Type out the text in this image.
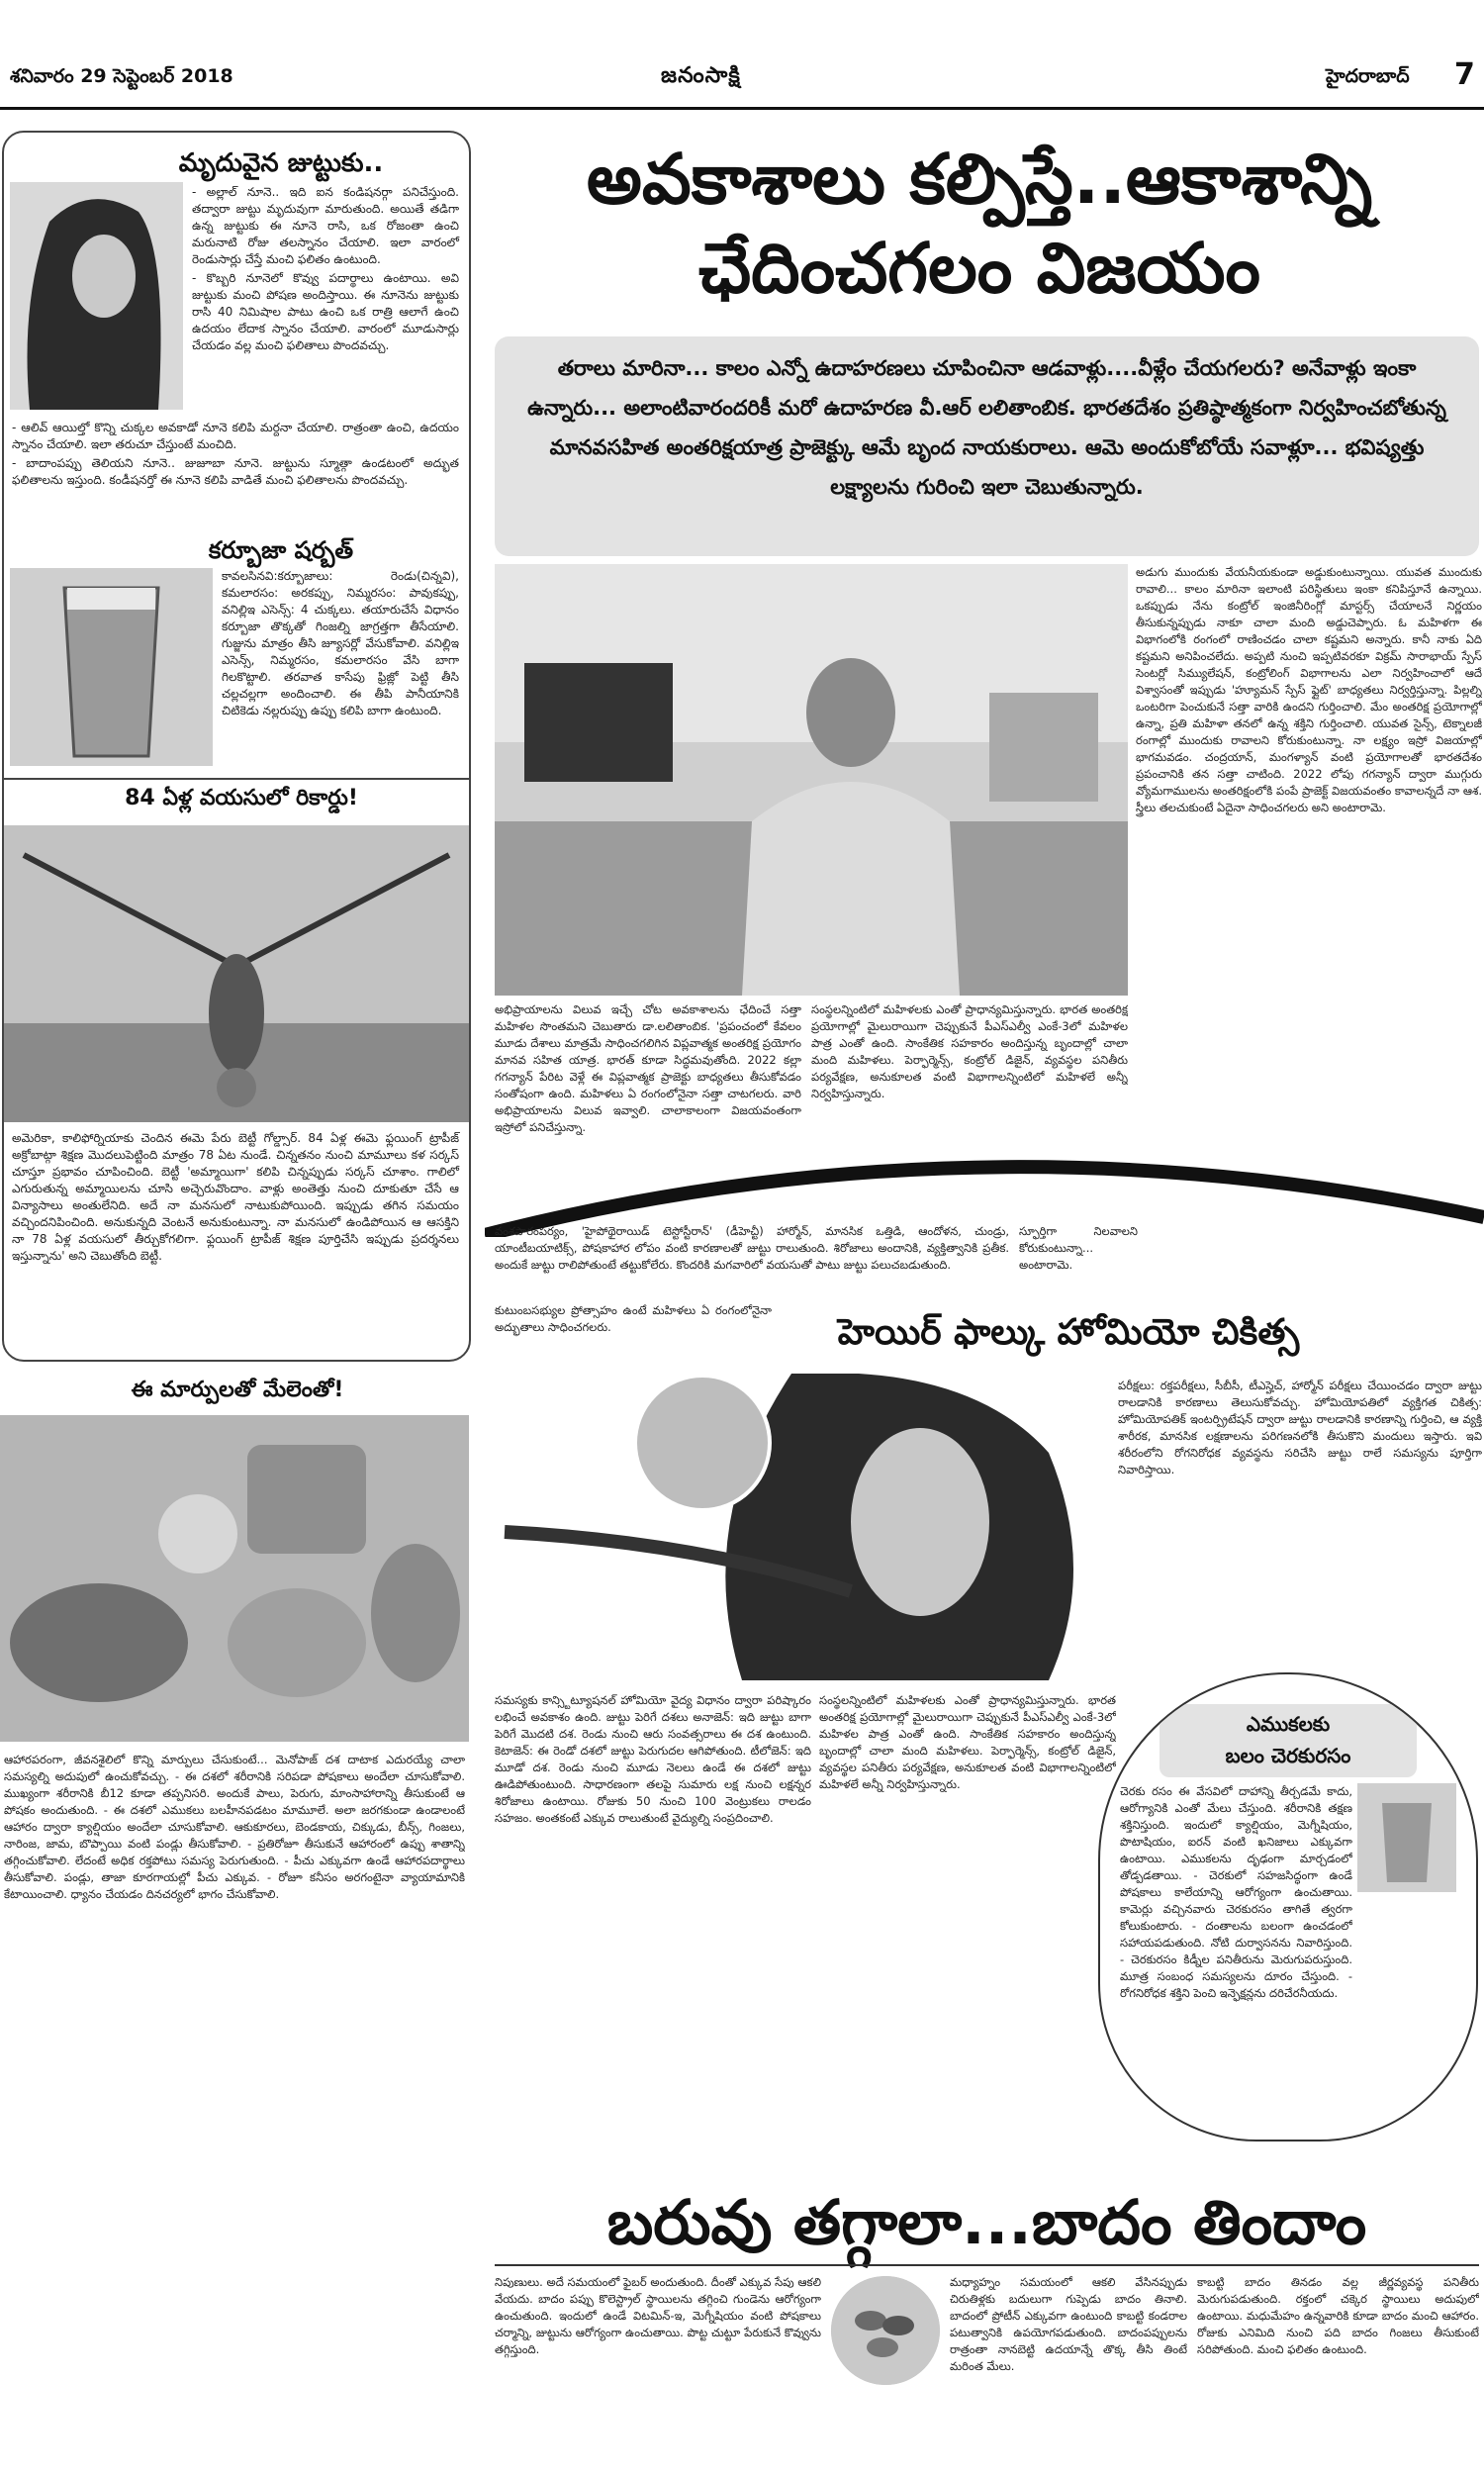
శనివారం 29 సెప్టెంబర్ 2018	జనంసాక్షి	హైదరాబాద్ 7
మృదువైన జుట్టుకు..

- అల్లాల్ నూనె.. ఇది ఐన కండిషనర్గా పనిచేస్తుంది. తద్వారా జుట్టు మృదువుగా మారుతుంది. అయితే తడిగా ఉన్న జుట్టుకు ఈ నూనె రాసి, ఒక రోజంతా ఉంచి మరునాటి రోజు తలస్నానం చేయాలి. ఇలా వారంలో రెండుసార్లు చేస్తే మంచి ఫలితం ఉంటుంది.

- కొబ్బరి నూనెలో కొవ్వు పదార్థాలు ఉంటాయి. అవి జుట్టుకు మంచి పోషణ అందిస్తాయి. ఈ నూనెను జుట్టుకు రాసి 40 నిమిషాల పాటు ఉంచి ఒక రాత్రి ఆలాగే ఉంచి ఉదయం లేదాక స్నానం చేయాలి. వారంలో మూడుసార్లు చేయడం వల్ల మంచి ఫలితాలు పొందవచ్చు.

- ఆలివ్ ఆయిల్తో కొన్ని చుక్కల అవకాడో నూనె కలిపి మర్దనా చేయాలి. రాత్రంతా ఉంచి, ఉదయం స్నానం చేయాలి. ఇలా తరుచూ చేస్తుంటే మంచిది.

- బాదాంపప్పు తెలియని నూనె.. జుజూబా నూనె. జుట్టును స్మూత్గా ఉండటంలో అద్భుత ఫలితాలను ఇస్తుంది. కండీషనర్తో ఈ నూనె కలిపి వాడితే మంచి ఫలితాలను పొందవచ్చు.

కర్బూజా షర్బత్
కావలసినవి:కర్బూజాలు: రెండు(చిన్నవి), కమలారసం: అరకప్పు, నిమ్మరసం: పావుకప్పు, వనిల్లిఇ ఎసెన్స్: 4 చుక్కలు. తయారుచేసే విధానం కర్బూజా తొక్కతో గింజల్ని జాగ్రత్తగా తీసేయాలి. గుజ్జును మాత్రం తీసి జ్యూసర్లో వేసుకోవాలి. వనిల్లిఇ ఎసెన్స్, నిమ్మరసం, కమలారసం వేసి బాగా గిలకొట్టాలి. తరవాత కాసేపు ఫ్రిజ్లో పెట్టి తీసి చల్లచల్లగా అందించాలి. ఈ తీపి పానీయానికి చిటికెడు నల్లరుప్పు ఉప్పు కలిపి బాగా ఉంటుంది.
84 ఏళ్ల వయసులో రికార్డు!
అమెరికా, కాలిఫోర్నియాకు చెందిన ఈమె పేరు బెట్టీ గోల్డ్సార్. 84 ఏళ్ల ఈమె ఫ్లయింగ్ ట్రాపీజ్ అక్రోబాట్గా శిక్షణ మొదలుపెట్టింది మాత్రం 78 ఏట నుండే. చిన్నతనం నుంచి మామూలు కళ సర్కస్ చూస్తూ ప్రభావం చూపించింది. బెట్టీ 'అమ్మాయిగా' కలిపి చిన్నప్పుడు సర్కస్ చూశాం. గాలిలో ఎగురుతున్న అమ్మాయిలను చూసి అచ్చెరువొందాం. వాళ్లు అంతెత్తు నుంచి దూకుతూ చేసే ఆ విన్యాసాలు అంతులేనిది. అదే నా మనసులో నాటుకుపోయింది. ఇప్పుడు తగిన సమయం వచ్చిందనిపించింది. అనుకున్నది వెంటనే అనుకుంటున్నా. నా మనసులో ఉండిపోయిన ఆ ఆసక్తిని నా 78 ఏళ్ల వయసులో తీర్చుకోగలిగా. ఫ్లయింగ్ ట్రాపీజ్ శిక్షణ పూర్తిచేసి ఇప్పుడు ప్రదర్శనలు ఇస్తున్నాను' అని చెబుతోంది బెట్టీ.
ఈ మార్పులతో మేలెంతో!
ఆహారపరంగా, జీవనశైలిలో కొన్ని మార్పులు చేసుకుంటే... మెనోపాజ్ దశ దాటాక ఎదురయ్యే చాలా సమస్యల్ని అదుపులో ఉంచుకోవచ్చు. - ఈ దశలో శరీరానికి సరిపడా పోషకాలు అందేలా చూసుకోవాలి. ముఖ్యంగా శరీరానికి బీ12 కూడా తప్పనిసరి. అందుకే పాలు, పెరుగు, మాంసాహారాన్ని తీసుకుంటే ఆ పోషకం అందుతుంది. - ఈ దశలో ఎముకలు బలహీనపడటం మామూలే. అలా జరగకుండా ఉండాలంటే ఆహారం ద్వారా క్యాల్షియం అందేలా చూసుకోవాలి. ఆకుకూరలు, బెండకాయ, చిక్కుడు, బీన్స్, గింజలు, నారింజ, జామ, బొప్పాయి వంటి పండ్లు తీసుకోవాలి. - ప్రతిరోజూ తీసుకునే ఆహారంలో ఉప్పు శాతాన్ని తగ్గించుకోవాలి. లేదంటే అధిక రక్తపోటు సమస్య పెరుగుతుంది. - పీచు ఎక్కువగా ఉండే ఆహారపదార్థాలు తీసుకోవాలి. పండ్లు, తాజా కూరగాయల్లో పీచు ఎక్కువ. - రోజూ కనీసం అరగంటైనా వ్యాయామానికి కేటాయించాలి. ధ్యానం చేయడం దినచర్యలో భాగం చేసుకోవాలి.
అవకాశాలు కల్పిస్తే..ఆకాశాన్ని
ఛేదించగలం విజయం
తరాలు మారినా... కాలం ఎన్నో ఉదాహరణలు చూపించినా ఆడవాళ్లు....వీళ్లేం చేయగలరు? అనేవాళ్లు ఇంకా ఉన్నారు... అలాంటివారందరికీ మరో ఉదాహరణ వీ.ఆర్ లలితాంబిక. భారతదేశం ప్రతిష్ఠాత్మకంగా నిర్వహించబోతున్న మానవసహిత అంతరిక్షయాత్ర ప్రాజెక్ట్కు ఆమే బృంద నాయకురాలు. ఆమె అందుకోబోయే సవాళ్లూ... భవిష్యత్తు లక్ష్యాలను గురించి ఇలా చెబుతున్నారు.
అడుగు ముందుకు వేయనీయకుండా అడ్డుకుంటున్నాయి. యువత ముందుకు రావాలి... కాలం మారినా ఇలాంటి పరిస్థితులు ఇంకా కనిపిస్తూనే ఉన్నాయి. ఒకప్పుడు నేను కంట్రోల్ ఇంజినీరింగ్లో మాస్టర్స్ చేయాలనే నిర్ణయం తీసుకున్నప్పుడు నాకూ చాలా మంది అడ్డుచెప్పారు. ఓ మహిళగా ఈ విభాగంలోకి రంగంలో రాణించడం చాలా కష్టమని అన్నారు. కానీ నాకు ఏది కష్టమని అనిపించలేదు. అప్పటి నుంచి ఇప్పటివరకూ విక్రమ్ సారాభాయ్ స్పేస్ సెంటర్లో సిమ్యులేషన్, కంట్రోలింగ్ విభాగాలను ఎలా నిర్వహించాలో ఆదే విశ్వాసంతో ఇప్పుడు 'హ్యూమన్ స్పేస్ ఫ్లైట్' బాధ్యతలు నిర్వర్తిస్తున్నా. పిల్లల్ని ఒంటరిగా పెంచుకునే సత్తా వారికి ఉందని గుర్తించాలి. మేం అంతరిక్ష ప్రయోగాల్లో ఉన్నా, ప్రతి మహిళా తనలో ఉన్న శక్తిని గుర్తించాలి. యువత సైన్స్, టెక్నాలజీ రంగాల్లో ముందుకు రావాలని కోరుకుంటున్నా. నా లక్ష్యం ఇస్రో విజయాల్లో భాగమవడం. చంద్రయాన్, మంగళ్యాన్ వంటి ప్రయోగాలతో భారతదేశం ప్రపంచానికి తన సత్తా చాటింది. 2022 లోపు గగన్యాన్ ద్వారా ముగ్గురు వ్యోమగాములను అంతరిక్షంలోకి పంపే ప్రాజెక్ట్ విజయవంతం కావాలన్నదే నా ఆశ. స్త్రీలు తలచుకుంటే ఏదైనా సాధించగలరు అని అంటారామె.
అభిప్రాయాలను విలువ ఇచ్చే చోట అవకాశాలను ఛేదించే సత్తా మహిళల సొంతమని చెబుతారు డా.లలితాంబిక. 'ప్రపంచంలో కేవలం మూడు దేశాలు మాత్రమే సాధించగలిగిన విప్లవాత్మక అంతరిక్ష ప్రయోగం మానవ సహిత యాత్ర. భారత్ కూడా సిద్ధమవుతోంది. 2022 కల్లా గగన్యాన్ పేరిట వెళ్లే ఈ విప్లవాత్మక ప్రాజెక్టు బాధ్యతలు తీసుకోవడం సంతోషంగా ఉంది. మహిళలు ఏ రంగంలోనైనా సత్తా చాటగలరు. వారి అభిప్రాయాలను విలువ ఇవ్వాలి. చాలాకాలంగా విజయవంతంగా ఇస్రోలో పనిచేస్తున్నా.
సంస్థలన్నింటిలో మహిళలకు ఎంతో ప్రాధాన్యమిస్తున్నారు. భారత అంతరిక్ష ప్రయోగాల్లో మైలురాయిగా చెప్పుకునే పీఎస్ఎల్వీ ఎంకే-3లో మహిళల పాత్ర ఎంతో ఉంది. సాంకేతిక సహకారం అందిస్తున్న బృందాల్లో చాలా మంది మహిళలు. పెర్ఫార్మెన్స్, కంట్రోల్ డిజైన్, వ్యవస్థల పనితీరు పర్యవేక్షణ, అనుకూలత వంటి విభాగాలన్నింటిలో మహిళలే అన్నీ నిర్వహిస్తున్నారు.
వంశపారంపర్యం, 'హైపోథైరాయిడ్ టెస్టోస్టీరాన్' (డీహెచ్టీ) హార్మోన్, మానసిక ఒత్తిడి, ఆందోళన, చుండ్రు, యాంటీబయాటిక్స్, పోషకాహార లోపం వంటి కారణాలతో జుట్టు రాలుతుంది. శిరోజాలు అందానికి, వ్యక్తిత్వానికి ప్రతీక. అందుకే జుట్టు రాలిపోతుంటే తట్టుకోలేరు. కొందరికి మగవారిలో వయసుతో పాటు జుట్టు పలుచబడుతుంది.
స్ఫూర్తిగా నిలవాలని కోరుకుంటున్నా... అంటారామె.
కుటుంబసభ్యుల ప్రోత్సాహం ఉంటే మహిళలు ఏ రంగంలోనైనా అద్భుతాలు సాధించగలరు.	హెయిర్ ఫాల్కు హోమియో చికిత్స
పరీక్షలు: రక్తపరీక్షలు, సీబీసీ, టీఎస్హెచ్, హార్మోన్ పరీక్షలు చేయించడం ద్వారా జుట్టు రాలడానికి కారణాలు తెలుసుకోవచ్చు. హోమియోపతిలో వ్యక్తిగత చికిత్స: హోమియోపతిక్ ఇంటర్ప్రిటేషన్ ద్వారా జుట్టు రాలడానికి కారణాన్ని గుర్తించి, ఆ వ్యక్తి శారీరక, మానసిక లక్షణాలను పరిగణనలోకి తీసుకొని మందులు ఇస్తారు. ఇవి శరీరంలోని రోగనిరోధక వ్యవస్థను సరిచేసి జుట్టు రాలే సమస్యను పూర్తిగా నివారిస్తాయి.
సమస్యకు కాన్స్టిట్యూషనల్ హోమియో వైద్య విధానం ద్వారా పరిష్కారం లభించే అవకాశం ఉంది. జుట్టు పెరిగే దశలు అనాజెన్: ఇది జుట్టు బాగా పెరిగే మొదటి దశ. రెండు నుంచి ఆరు సంవత్సరాలు ఈ దశ ఉంటుంది. కెటాజెన్: ఈ రెండో దశలో జుట్టు పెరుగుదల ఆగిపోతుంది. టీలోజెన్: ఇది మూడో దశ. రెండు నుంచి మూడు నెలలు ఉండే ఈ దశలో జుట్టు ఊడిపోతుంటుంది. సాధారణంగా తలపై సుమారు లక్ష నుంచి లక్షన్నర శిరోజాలు ఉంటాయి. రోజుకు 50 నుంచి 100 వెంట్రుకలు రాలడం సహజం. అంతకంటే ఎక్కువ రాలుతుంటే వైద్యుల్ని సంప్రదించాలి.
సంస్థలన్నింటిలో మహిళలకు ఎంతో ప్రాధాన్యమిస్తున్నారు. భారత అంతరిక్ష ప్రయోగాల్లో మైలురాయిగా చెప్పుకునే పీఎస్ఎల్వీ ఎంకే-3లో మహిళల పాత్ర ఎంతో ఉంది. సాంకేతిక సహకారం అందిస్తున్న బృందాల్లో చాలా మంది మహిళలు. పెర్ఫార్మెన్స్, కంట్రోల్ డిజైన్, వ్యవస్థల పనితీరు పర్యవేక్షణ, అనుకూలత వంటి విభాగాలన్నింటిలో మహిళలే అన్నీ నిర్వహిస్తున్నారు.
ఎముకలకు
బలం చెరకురసం
చెరకు రసం ఈ వేసవిలో దాహాన్ని తీర్చడమే కాదు, ఆరోగ్యానికి ఎంతో మేలు చేస్తుంది. శరీరానికి తక్షణ శక్తినిస్తుంది. ఇందులో క్యాల్షియం, మెగ్నీషియం, పొటాషియం, ఐరన్ వంటి ఖనిజాలు ఎక్కువగా ఉంటాయి. ఎముకలను దృఢంగా మార్చడంలో తోడ్పడతాయి. - చెరకులో సహజసిద్ధంగా ఉండే పోషకాలు కాలేయాన్ని ఆరోగ్యంగా ఉంచుతాయి. కామెర్లు వచ్చినవారు చెరకురసం తాగితే త్వరగా కోలుకుంటారు. - దంతాలను బలంగా ఉంచడంలో సహాయపడుతుంది. నోటి దుర్వాసనను నివారిస్తుంది. - చెరకురసం కిడ్నీల పనితీరును మెరుగుపరుస్తుంది. మూత్ర సంబంధ సమస్యలను దూరం చేస్తుంది. - రోగనిరోధక శక్తిని పెంచి ఇన్ఫెక్షన్లను దరిచేరనీయదు.
బరువు తగ్గాలా...బాదం తిందాం
నిపుణులు. అదే సమయంలో ఫైబర్ అందుతుంది. దీంతో ఎక్కువ సేపు ఆకలి వేయదు. బాదం పప్పు కొలెస్ట్రాల్ స్థాయిలను తగ్గించి గుండెను ఆరోగ్యంగా ఉంచుతుంది. ఇందులో ఉండే విటమిన్-ఇ, మెగ్నీషియం వంటి పోషకాలు చర్మాన్ని, జుట్టును ఆరోగ్యంగా ఉంచుతాయి. పొట్ట చుట్టూ పేరుకునే కొవ్వును తగ్గిస్తుంది.
మధ్యాహ్నం సమయంలో ఆకలి వేసినప్పుడు చిరుతిళ్లకు బదులుగా గుప్పెడు బాదం తినాలి. బాదంలో ప్రోటీన్ ఎక్కువగా ఉంటుంది కాబట్టి కండరాల పటుత్వానికి ఉపయోగపడుతుంది. బాదంపప్పులను రాత్రంతా నానబెట్టి ఉదయాన్నే తొక్క తీసి తింటే మరింత మేలు.
కాబట్టి బాదం తినడం వల్ల జీర్ణవ్యవస్థ పనితీరు మెరుగుపడుతుంది. రక్తంలో చక్కెర స్థాయిలు అదుపులో ఉంటాయి. మధుమేహం ఉన్నవారికి కూడా బాదం మంచి ఆహారం. రోజుకు ఎనిమిది నుంచి పది బాదం గింజలు తీసుకుంటే సరిపోతుంది. మంచి ఫలితం ఉంటుంది.
